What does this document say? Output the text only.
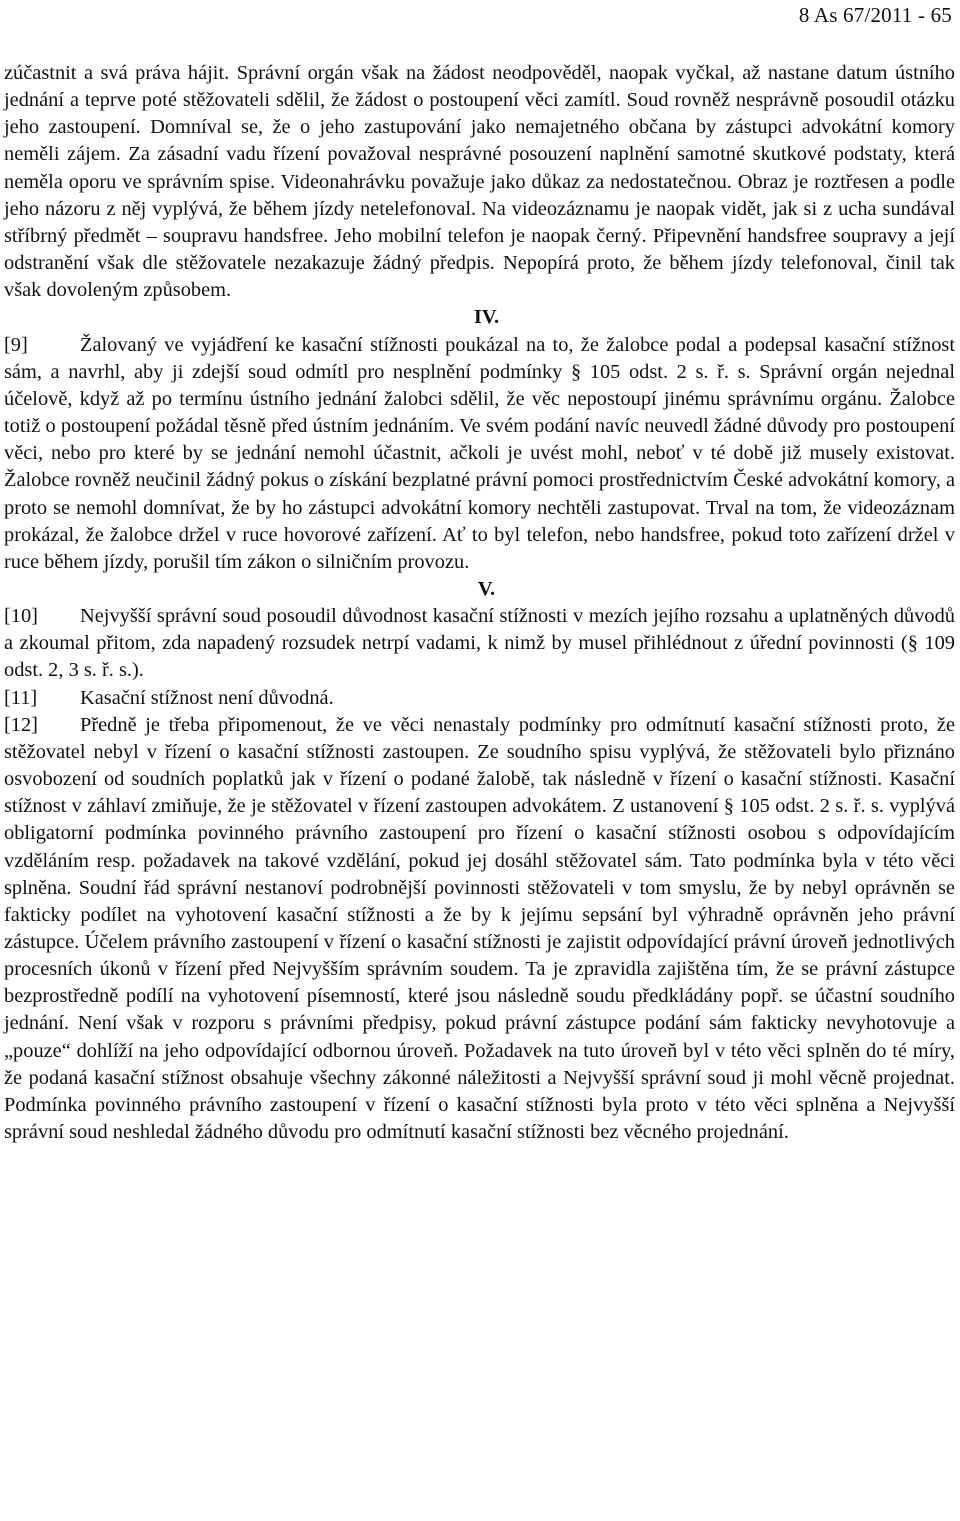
8 As 67/2011 - 65

zúčastnit a svá práva hájit. Správní orgán však na žádost neodpověděl, naopak vyčkal, až nastane datum ústního jednání a teprve poté stěžovateli sdělil, že žádost o postoupení věci zamítl. Soud rovněž nesprávně posoudil otázku jeho zastoupení. Domníval se, že o jeho zastupování jako nemajetného občana by zástupci advokátní komory neměli zájem. Za zásadní vadu řízení považoval nesprávné posouzení naplnění samotné skutkové podstaty, která neměla oporu ve správním spise. Videonahrávku považuje jako důkaz za nedostatečnou. Obraz je roztřesen a podle jeho názoru z něj vyplývá, že během jízdy netelefonoval. Na videozáznamu je naopak vidět, jak si z ucha sundával stříbrný předmět – soupravu handsfree. Jeho mobilní telefon je naopak černý. Připevnění handsfree soupravy a její odstranění však dle stěžovatele nezakazuje žádný předpis. Nepopírá proto, že během jízdy telefonoval, činil tak však dovoleným způsobem.

IV.

[9]	Žalovaný ve vyjádření ke kasační stížnosti poukázal na to, že žalobce podal a podepsal kasační stížnost sám, a navrhl, aby ji zdejší soud odmítl pro nesplnění podmínky § 105 odst. 2 s. ř. s. Správní orgán nejednal účelově, když až po termínu ústního jednání žalobci sdělil, že věc nepostoupí jinému správnímu orgánu. Žalobce totiž o postoupení požádal těsně před ústním jednáním. Ve svém podání navíc neuvedl žádné důvody pro postoupení věci, nebo pro které by se jednání nemohl účastnit, ačkoli je uvést mohl, neboť v té době již musely existovat. Žalobce rovněž neučinil žádný pokus o získání bezplatné právní pomoci prostřednictvím České advokátní komory, a proto se nemohl domnívat, že by ho zástupci advokátní komory nechtěli zastupovat. Trval na tom, že videozáznam prokázal, že žalobce držel v ruce hovorové zařízení. Ať to byl telefon, nebo handsfree, pokud toto zařízení držel v ruce během jízdy, porušil tím zákon o silničním provozu.

V.

[10] Nejvyšší správní soud posoudil důvodnost kasační stížnosti v mezích jejího rozsahu a uplatněných důvodů a zkoumal přitom, zda napadený rozsudek netrpí vadami, k nimž by musel přihlédnout z úřední povinnosti (§ 109 odst. 2, 3 s. ř. s.).

[11] Kasační stížnost není důvodná.

[12] Předně je třeba připomenout, že ve věci nenastaly podmínky pro odmítnutí kasační stížnosti proto, že stěžovatel nebyl v řízení o kasační stížnosti zastoupen. Ze soudního spisu vyplývá, že stěžovateli bylo přiznáno osvobození od soudních poplatků jak v řízení o podané žalobě, tak následně v řízení o kasační stížnosti. Kasační stížnost v záhlaví zmiňuje, že je stěžovatel v řízení zastoupen advokátem. Z ustanovení § 105 odst. 2 s. ř. s. vyplývá obligatorní podmínka povinného právního zastoupení pro řízení o kasační stížnosti osobou s odpovídajícím vzděláním resp. požadavek na takové vzdělání, pokud jej dosáhl stěžovatel sám. Tato podmínka byla v této věci splněna. Soudní řád správní nestanoví podrobnější povinnosti stěžovateli v tom smyslu, že by nebyl oprávněn se fakticky podílet na vyhotovení kasační stížnosti a že by k jejímu sepsání byl výhradně oprávněn jeho právní zástupce. Účelem právního zastoupení v řízení o kasační stížnosti je zajistit odpovídající právní úroveň jednotlivých procesních úkonů v řízení před Nejvyšším správním soudem. Ta je zpravidla zajištěna tím, že se právní zástupce bezprostředně podílí na vyhotovení písemností, které jsou následně soudu předkládány popř. se účastní soudního jednání. Není však v rozporu s právními předpisy, pokud právní zástupce podání sám fakticky nevyhotovuje a „pouze“ dohlíží na jeho odpovídající odbornou úroveň. Požadavek na tuto úroveň byl v této věci splněn do té míry, že podaná kasační stížnost obsahuje všechny zákonné náležitosti a Nejvyšší správní soud ji mohl věcně projednat. Podmínka povinného právního zastoupení v řízení o kasační stížnosti byla proto v této věci splněna a Nejvyšší správní soud neshledal žádného důvodu pro odmítnutí kasační stížnosti bez věcného projednání.
